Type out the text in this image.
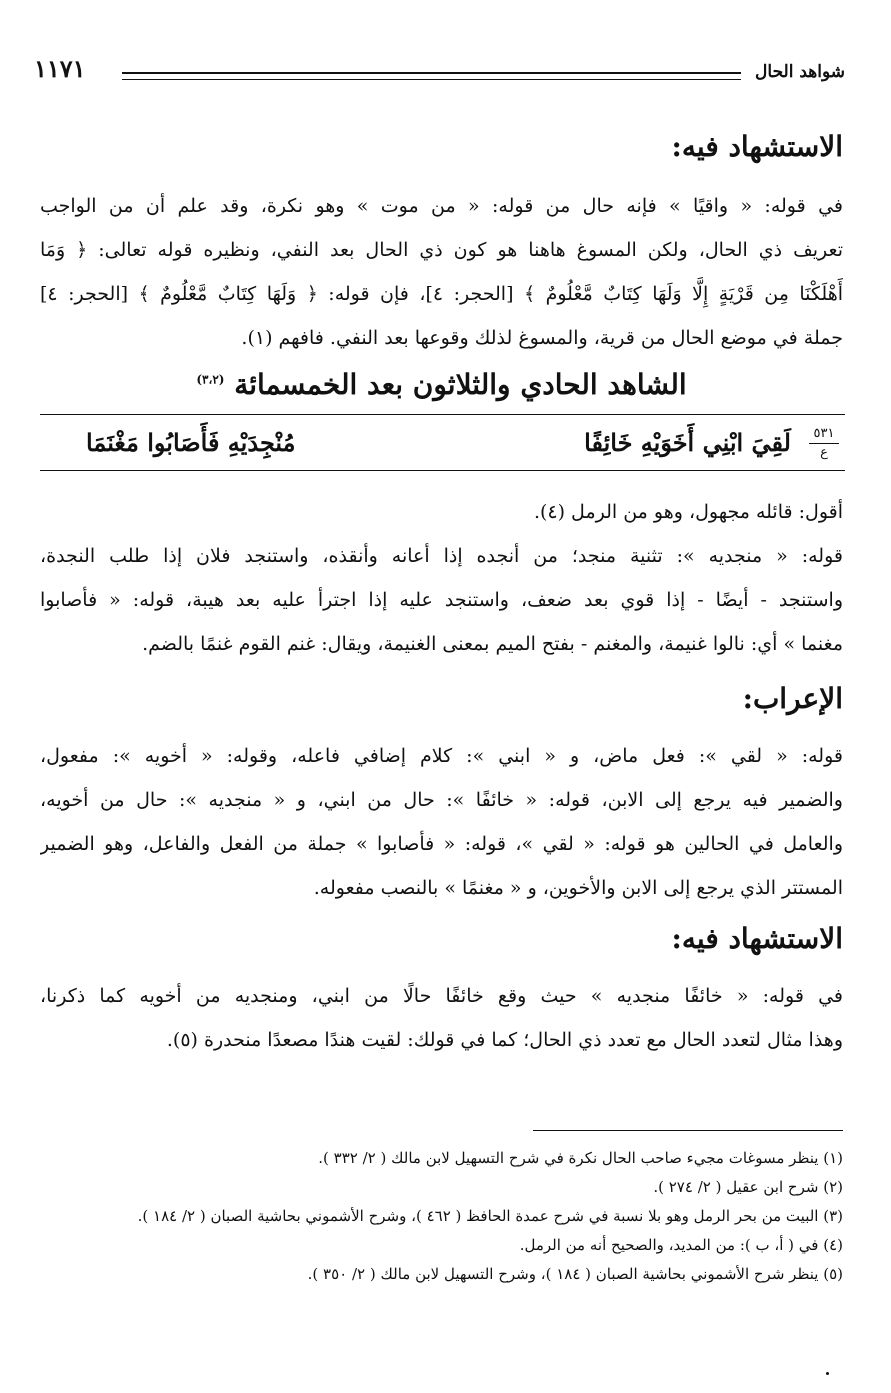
١١٧١	شواهد الحال
الاستشهاد فيه:
في قوله: « واقيًا » فإنه حال من قوله: « من موت » وهو نكرة، وقد علم أن من الواجب
تعريف ذي الحال، ولكن المسوغ هاهنا هو كون ذي الحال بعد النفي، ونظيره قوله تعالى: ﴿ وَمَا
أَهْلَكْنَا مِن قَرْيَةٍ إِلَّا وَلَهَا كِتَابٌ مَّعْلُومٌ ﴾ [الحجر: ٤]، فإن قوله: ﴿ وَلَهَا كِتَابٌ مَّعْلُومٌ ﴾ [الحجر: ٤]
جملة في موضع الحال من قرية، والمسوغ لذلك وقوعها بعد النفي. فافهم (١).
الشاهد الحادي والثلاثون بعد الخمسمائة $^{(٣،٢)}$
٥٣١
ع
لَقِيَ ابْنِي أَخَوَيْهِ خَائِفًا
مُنْجِدَيْهِ فَأَصَابُوا مَغْنَمَا
أقول: قائله مجهول، وهو من الرمل (٤).
قوله: « منجديه »: تثنية منجد؛ من أنجده إذا أعانه وأنقذه، واستنجد فلان إذا طلب النجدة،
واستنجد - أيضًا - إذا قوي بعد ضعف، واستنجد عليه إذا اجترأ عليه بعد هيبة، قوله: « فأصابوا
مغنما » أي: نالوا غنيمة، والمغنم - بفتح الميم بمعنى الغنيمة، ويقال: غنم القوم غنمًا بالضم.
الإعراب:
قوله: « لقي »: فعل ماض، و « ابني »: كلام إضافي فاعله، وقوله: « أخويه »: مفعول،
والضمير فيه يرجع إلى الابن، قوله: « خائفًا »: حال من ابني، و « منجديه »: حال من أخويه،
والعامل في الحالين هو قوله: « لقي »، قوله: « فأصابوا » جملة من الفعل والفاعل، وهو الضمير
المستتر الذي يرجع إلى الابن والأخوين، و « مغنمًا » بالنصب مفعوله.
الاستشهاد فيه:
في قوله: « خائفًا منجديه » حيث وقع خائفًا حالًا من ابني، ومنجديه من أخويه كما ذكرنا،
وهذا مثال لتعدد الحال مع تعدد ذي الحال؛ كما في قولك: لقيت هندًا مصعدًا منحدرة (٥).
(١) ينظر مسوغات مجيء صاحب الحال نكرة في شرح التسهيل لابن مالك ( ٢/ ٣٣٢ ).
(٢) شرح ابن عقيل ( ٢/ ٢٧٤ ).
(٣) البيت من بحر الرمل وهو بلا نسبة في شرح عمدة الحافظ ( ٤٦٢ )، وشرح الأشموني بحاشية الصبان ( ٢/ ١٨٤ ).
(٤) في ( أ، ب ): من المديد، والصحيح أنه من الرمل.
(٥) ينظر شرح الأشموني بحاشية الصبان ( ١٨٤ )، وشرح التسهيل لابن مالك ( ٢/ ٣٥٠ ).
